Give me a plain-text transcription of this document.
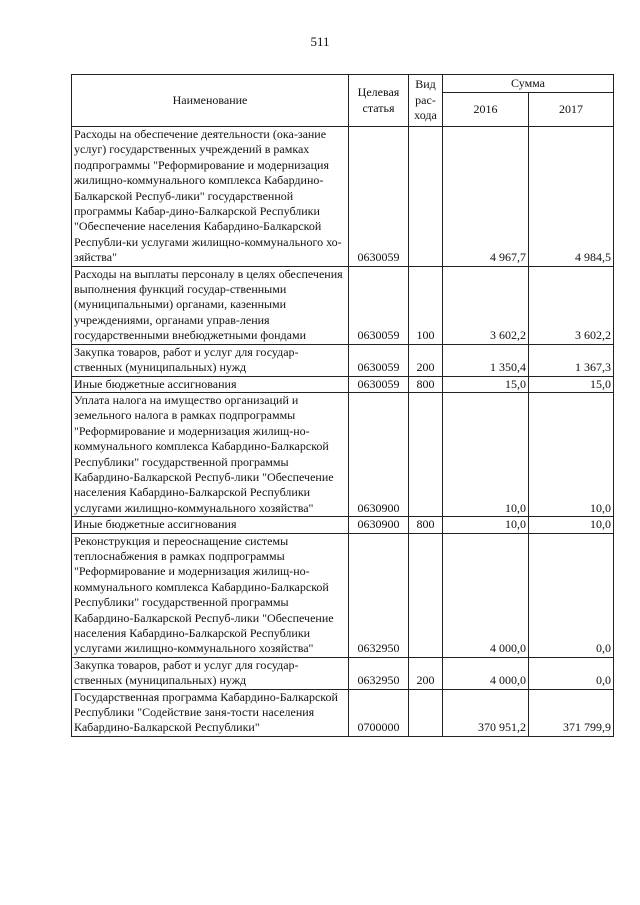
511
Наименование	Целевая статья	Вид рас-хода	Сумма	
			2016	2017
Расходы на обеспечение деятельности (ока-зание услуг) государственных учреждений в рамках подпрограммы "Реформирование и модернизация жилищно-коммунального комплекса Кабардино-Балкарской Респуб-лики" государственной программы Кабар-дино-Балкарской Республики "Обеспечение населения Кабардино-Балкарской Республи-ки услугами жилищно-коммунального хо-зяйства"	0630059		4 967,7	4 984,5
Расходы на выплаты персоналу в целях обеспечения выполнения функций государ-ственными (муниципальными) органами, казенными учреждениями, органами управ-ления государственными внебюджетными фондами	0630059	100	3 602,2	3 602,2
Закупка товаров, работ и услуг для государ-ственных (муниципальных) нужд	0630059	200	1 350,4	1 367,3
Иные бюджетные ассигнования	0630059	800	15,0	15,0
Уплата налога на имущество организаций и земельного налога в рамках подпрограммы "Реформирование и модернизация жилищ-но-коммунального комплекса Кабардино-Балкарской Республики" государственной программы Кабардино-Балкарской Респуб-лики "Обеспечение населения Кабардино-Балкарской Республики услугами жилищно-коммунального хозяйства"	0630900		10,0	10,0
Иные бюджетные ассигнования	0630900	800	10,0	10,0
Реконструкция и переоснащение системы теплоснабжения в рамках подпрограммы "Реформирование и модернизация жилищ-но-коммунального комплекса Кабардино-Балкарской Республики" государственной программы Кабардино-Балкарской Респуб-лики "Обеспечение населения Кабардино-Балкарской Республики услугами жилищно-коммунального хозяйства"	0632950		4 000,0	0,0
Закупка товаров, работ и услуг для государ-ственных (муниципальных) нужд	0632950	200	4 000,0	0,0
Государственная программа Кабардино-Балкарской Республики "Содействие заня-тости населения Кабардино-Балкарской Республики"	0700000		370 951,2	371 799,9
